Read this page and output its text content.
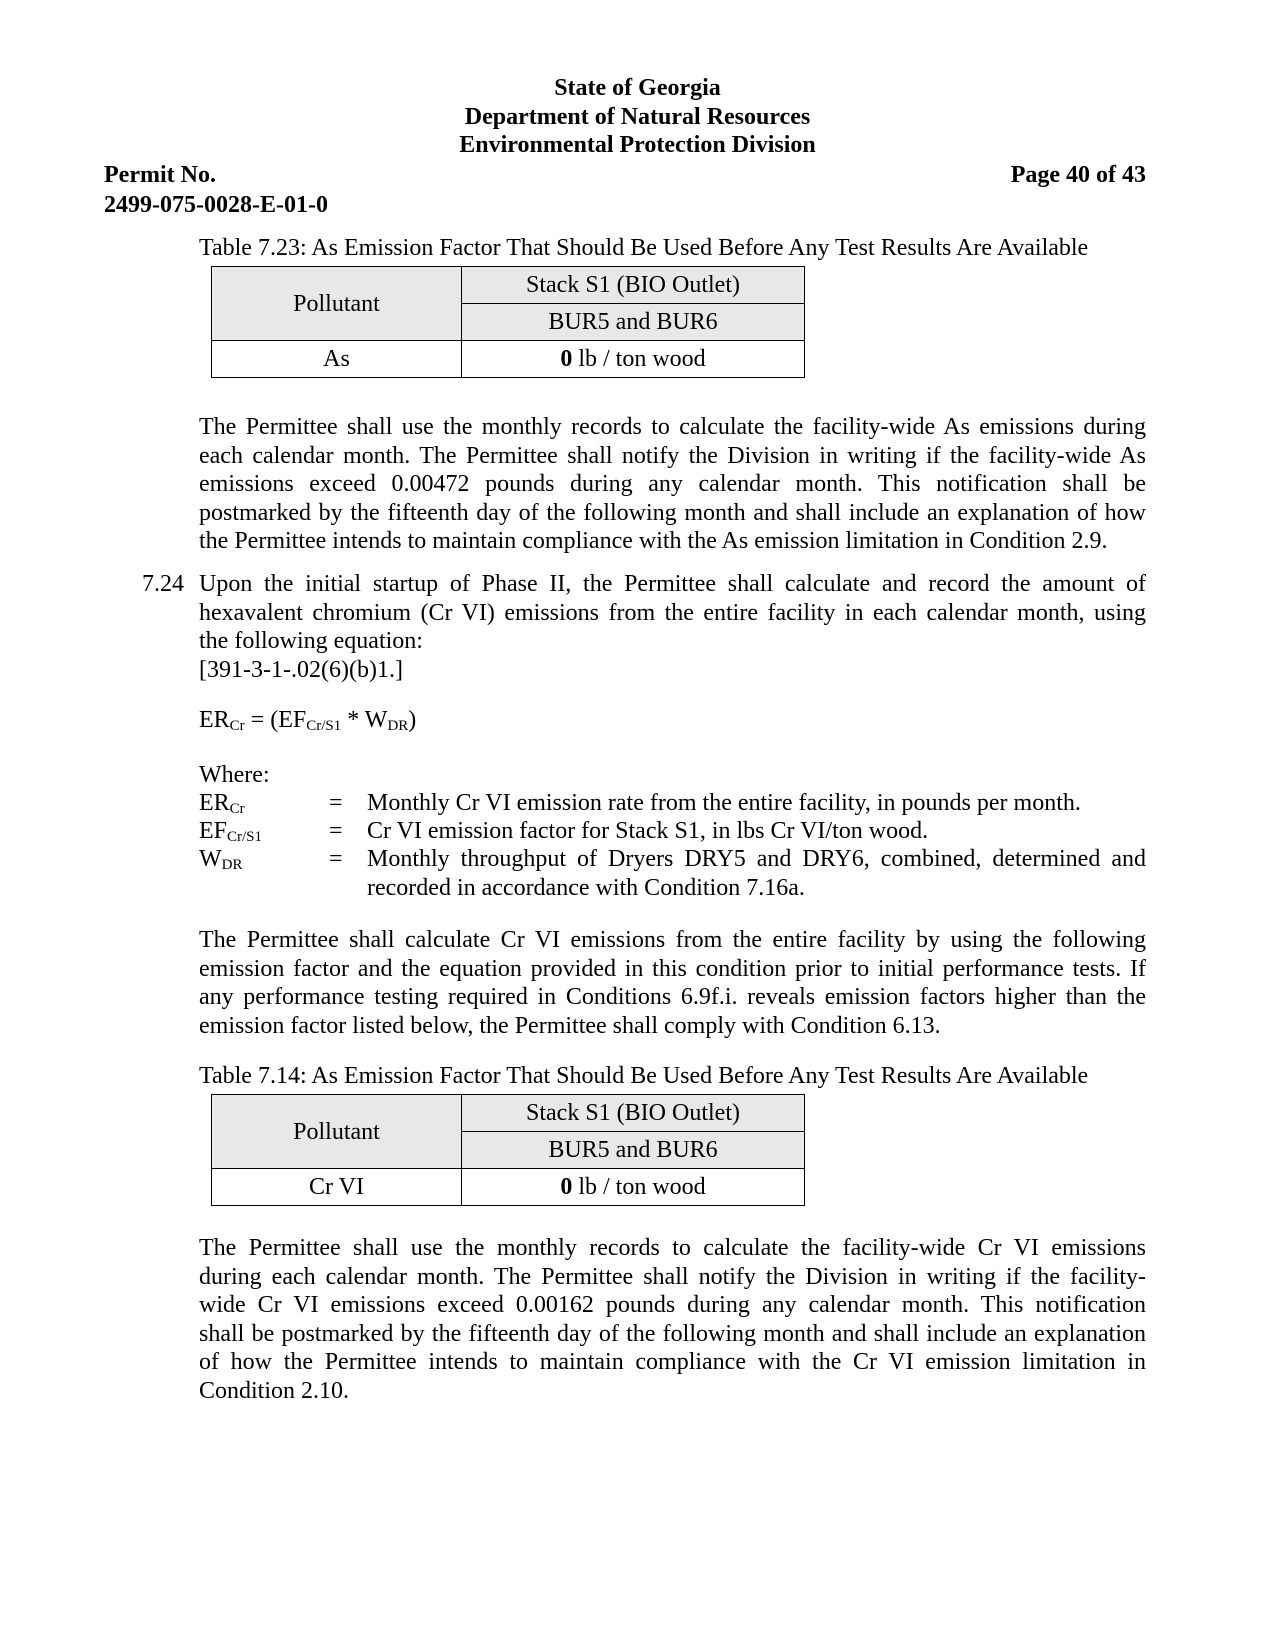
State of Georgia
Department of Natural Resources
Environmental Protection Division
Permit No.
2499-075-0028-E-01-0
Page 40 of 43
Table 7.23: As Emission Factor That Should Be Used Before Any Test Results Are Available
Pollutant	Stack S1 (BIO Outlet)
	BUR5 and BUR6
As	0 lb / ton wood
The Permittee shall use the monthly records to calculate the facility-wide As emissions during
each calendar month. The Permittee shall notify the Division in writing if the facility-wide As
emissions exceed 0.00472 pounds during any calendar month. This notification shall be
postmarked by the fifteenth day of the following month and shall include an explanation of how
the Permittee intends to maintain compliance with the As emission limitation in Condition 2.9.
7.24 Upon the initial startup of Phase II, the Permittee shall calculate and record the amount of
hexavalent chromium (Cr VI) emissions from the entire facility in each calendar month, using
the following equation:
[391-3-1-.02(6)(b)1.]
$ER_{Cr} = (EF_{Cr/S1} * W_{DR})$
Where:
$ER_{Cr}$	= Monthly Cr VI emission rate from the entire facility, in pounds per month.
$EF_{Cr/S1}$	= Cr VI emission factor for Stack S1, in lbs Cr VI/ton wood.
$W_{DR}$	= Monthly throughput of Dryers DRY5 and DRY6, combined, determined and
recorded in accordance with Condition 7.16a.
The Permittee shall calculate Cr VI emissions from the entire facility by using the following
emission factor and the equation provided in this condition prior to initial performance tests. If
any performance testing required in Conditions 6.9f.i. reveals emission factors higher than the
emission factor listed below, the Permittee shall comply with Condition 6.13.
Table 7.14: As Emission Factor That Should Be Used Before Any Test Results Are Available
Pollutant	Stack S1 (BIO Outlet)
	BUR5 and BUR6
Cr VI	0 lb / ton wood
The Permittee shall use the monthly records to calculate the facility-wide Cr VI emissions
during each calendar month. The Permittee shall notify the Division in writing if the facility-
wide Cr VI emissions exceed 0.00162 pounds during any calendar month. This notification
shall be postmarked by the fifteenth day of the following month and shall include an explanation
of how the Permittee intends to maintain compliance with the Cr VI emission limitation in
Condition 2.10.
